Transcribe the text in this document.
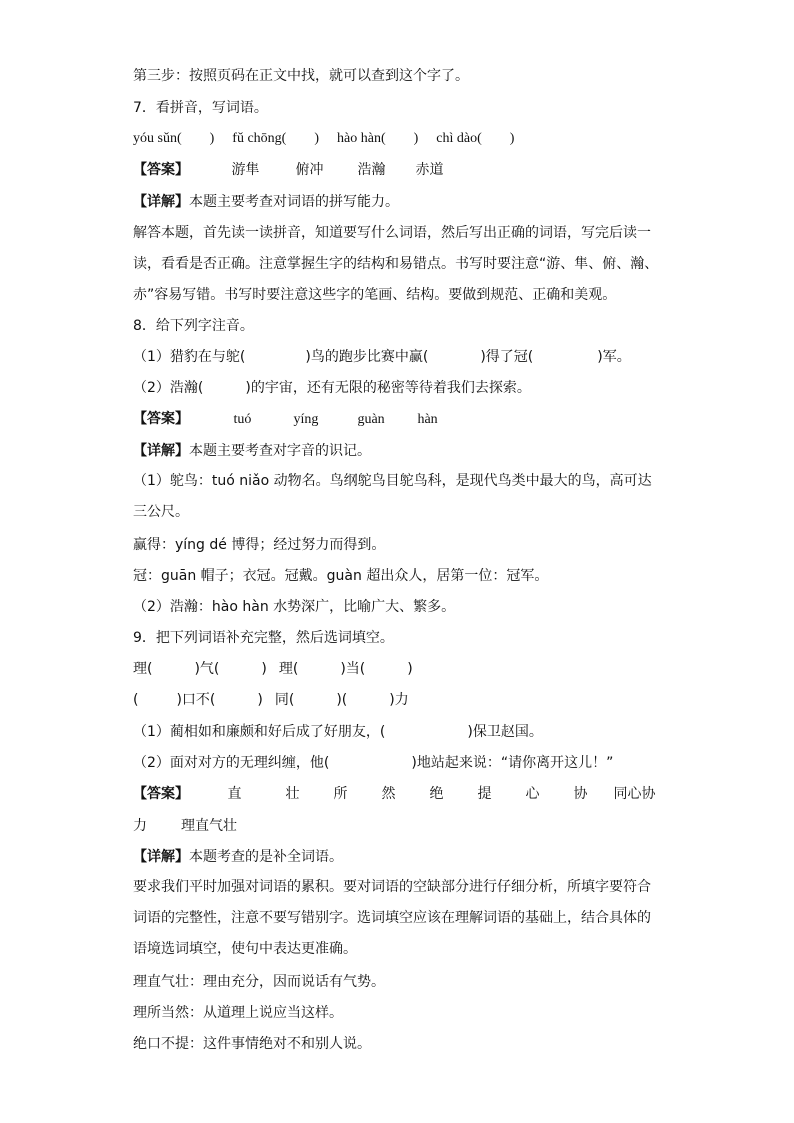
第三步：按照页码在正文中找，就可以查到这个字了。
7．看拼音，写词语。
yóu sǔn( ) fǔ chōng( ) hào hàn( ) chì dào( )
【答案】	游隼	俯冲 浩瀚 赤道
【详解】本题主要考查对词语的拼写能力。
解答本题，首先读一读拼音，知道要写什么词语，然后写出正确的词语，写完后读一读，看看是否正确。注意掌握生字的结构和易错点。书写时要注意“游、隼、俯、瀚、赤”容易写错。书写时要注意这些字的笔画、结构。要做到规范、正确和美观。
8．给下列字注音。
（1）猎豹在与鸵(	)鸟的跑步比赛中赢(	)得了冠(	)军。
（2）浩瀚(	)的宇宙，还有无限的秘密等待着我们去探索。
【答案】	tuó	yíng	guàn hàn
【详解】本题主要考查对字音的识记。
（1）鸵鸟：tuó niǎo 动物名。鸟纲鸵鸟目鸵鸟科，是现代鸟类中最大的鸟，高可达三公尺。
赢得：yíng dé 博得；经过努力而得到。
冠：guān 帽子；衣冠。冠戴。guàn 超出众人，居第一位：冠军。
（2）浩瀚：hào hàn 水势深广，比喻广大、繁多。
9．把下列词语补充完整，然后选词填空。
理(	)气(	) 理(	)当(	)
(	)口不(	) 同(	)(	)力
（1）蔺相如和廉颇和好后成了好朋友，(	)保卫赵国。
（2）面对对方的无理纠缠，他(	)地站起来说：“请你离开这儿！”
【答案】	直	壮 所 然 绝 提 心 协 同心协
力 理直气壮
【详解】本题考查的是补全词语。
要求我们平时加强对词语的累积。要对词语的空缺部分进行仔细分析，所填字要符合词语的完整性，注意不要写错别字。选词填空应该在理解词语的基础上，结合具体的语境选词填空，使句中表达更准确。
理直气壮：理由充分，因而说话有气势。
理所当然：从道理上说应当这样。
绝口不提：这件事情绝对不和别人说。
